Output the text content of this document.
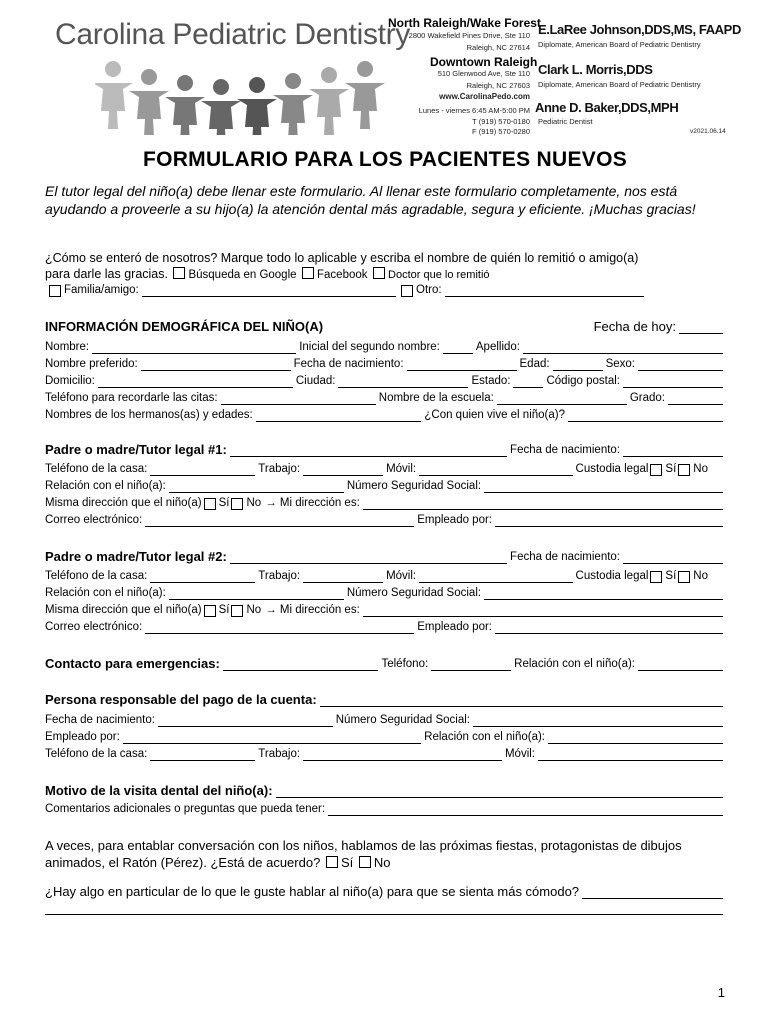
Carolina Pediatric Dentistry
North Raleigh/Wake Forest
2800 Wakefield Pines Drive, Ste 110
Raleigh, NC 27614
Downtown Raleigh
510 Glenwood Ave, Ste 110
Raleigh, NC 27603
www.CarolinaPedo.com
Lunes - viernes 6:45 AM-5:00 PM
T (919) 570-0180
F (919) 570-0280
E.LaRee Johnson,DDS,MS, FAAPD
Diplomate, American Board of Pediatric Dentistry
Clark L. Morris,DDS
Diplomate, American Board of Pediatric Dentistry
Anne D. Baker,DDS,MPH
Pediatric Dentist
v2021.06.14
FORMULARIO PARA LOS PACIENTES NUEVOS
El tutor legal del niño(a) debe llenar este formulario. Al llenar este formulario completamente, nos está ayudando a proveerle a su hijo(a) la atención dental más agradable, segura y eficiente. ¡Muchas gracias!
¿Cómo se enteró de nosotros? Marque todo lo aplicable y escriba el nombre de quién lo remitió o amigo(a)
para darle las gracias. Búsqueda en Google Facebook Doctor que lo remitió
Familia/amigo:	Otro:
INFORMACIÓN DEMOGRÁFICA DEL NIÑO(A)	Fecha de hoy:
Nombre:	Inicial del segundo nombre:	Apellido:
Nombre preferido:	Fecha de nacimiento:	Edad:	Sexo:
Domicilio:	Ciudad:	Estado:	Código postal:
Teléfono para recordarle las citas:	Nombre de la escuela:	Grado:
Nombres de los hermanos(as) y edades:	¿Con quien vive el niño(a)?
Padre o madre/Tutor legal #1:	Fecha de nacimiento:
Teléfono de la casa:	Trabajo:	Móvil:	Custodia legal Sí No
Relación con el niño(a):	Número Seguridad Social:
Misma dirección que el niño(a) Sí No → Mi dirección es:
Correo electrónico:	Empleado por:
Padre o madre/Tutor legal #2:	Fecha de nacimiento:
Teléfono de la casa:	Trabajo:	Móvil:	Custodia legal Sí No
Relación con el niño(a):	Número Seguridad Social:
Misma dirección que el niño(a) Sí No → Mi dirección es:
Correo electrónico:	Empleado por:
Contacto para emergencias:	Teléfono:	Relación con el niño(a):
Persona responsable del pago de la cuenta :
Fecha de nacimiento:	Número Seguridad Social:
Empleado por:	Relación con el niño(a):
Teléfono de la casa:	Trabajo:	Móvil:
Motivo de la visita dental del niño(a) :
Comentarios adicionales o preguntas que pueda tener:
A veces, para entablar conversación con los niños, hablamos de las próximas fiestas, protagonistas de dibujos animados, el Ratón (Pérez). ¿Está de acuerdo? Sí No
¿Hay algo en particular de lo que le guste hablar al niño(a) para que se sienta más cómodo?
1
